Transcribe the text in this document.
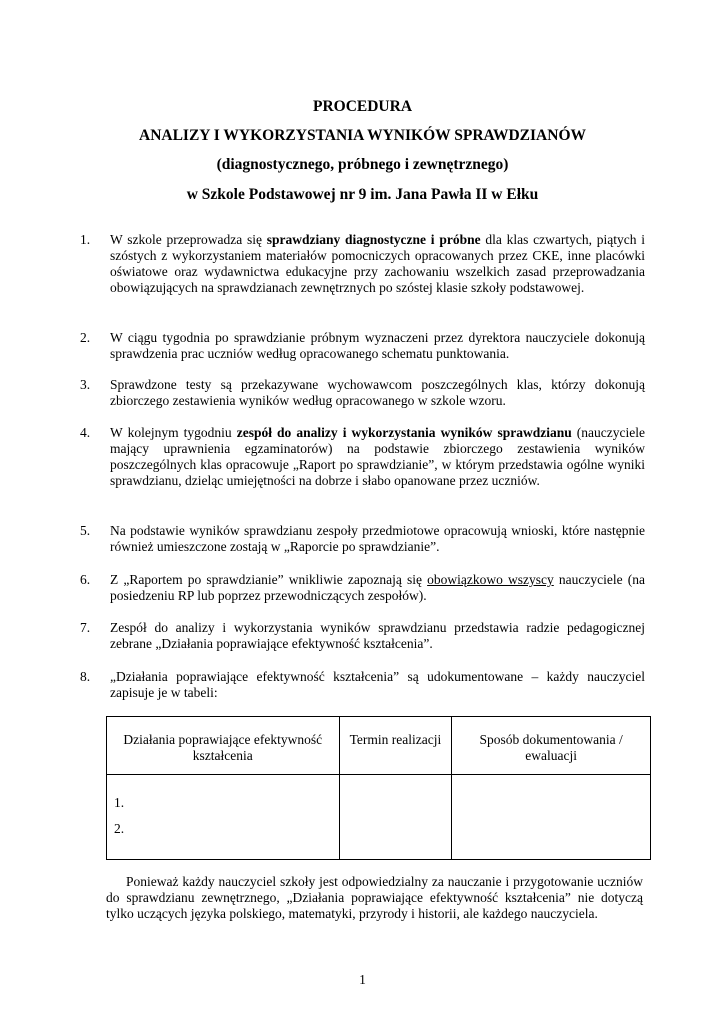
PROCEDURA
ANALIZY I WYKORZYSTANIA WYNIKÓW SPRAWDZIANÓW
(diagnostycznego, próbnego i zewnętrznego)
w Szkole Podstawowej nr 9 im. Jana Pawła II w Ełku
1. W szkole przeprowadza się sprawdziany diagnostyczne i próbne dla klas czwartych, piątych i szóstych z wykorzystaniem materiałów pomocniczych opracowanych przez CKE, inne placówki oświatowe oraz wydawnictwa edukacyjne przy zachowaniu wszelkich zasad przeprowadzania obowiązujących na sprawdzianach zewnętrznych po szóstej klasie szkoły podstawowej.

2. W ciągu tygodnia po sprawdzianie próbnym wyznaczeni przez dyrektora nauczyciele dokonują sprawdzenia prac uczniów według opracowanego schematu punktowania.

3. Sprawdzone testy są przekazywane wychowawcom poszczególnych klas, którzy dokonują zbiorczego zestawienia wyników według opracowanego w szkole wzoru.

4. W kolejnym tygodniu zespół do analizy i wykorzystania wyników sprawdzianu (nauczyciele mający uprawnienia egzaminatorów) na podstawie zbiorczego zestawienia wyników poszczególnych klas opracowuje „Raport po sprawdzianie”, w którym przedstawia ogólne wyniki sprawdzianu, dzieląc umiejętności na dobrze i słabo opanowane przez uczniów.

5. Na podstawie wyników sprawdzianu zespoły przedmiotowe opracowują wnioski, które następnie również umieszczone zostają w „Raporcie po sprawdzianie”.

6. Z „Raportem po sprawdzianie” wnikliwie zapoznają się obowiązkowo wszyscy nauczyciele (na posiedzeniu RP lub poprzez przewodniczących zespołów).

7. Zespół do analizy i wykorzystania wyników sprawdzianu przedstawia radzie pedagogicznej zebrane „Działania poprawiające efektywność kształcenia”.

8. „Działania poprawiające efektywność kształcenia” są udokumentowane – każdy nauczyciel zapisuje je w tabeli:

Działania poprawiające efektywność kształcenia	Termin realizacji	Sposób dokumentowania / ewaluacji

1.
2.		

Ponieważ każdy nauczyciel szkoły jest odpowiedzialny za nauczanie i przygotowanie uczniów do sprawdzianu zewnętrznego, „Działania poprawiające efektywność kształcenia” nie dotyczą tylko uczących języka polskiego, matematyki, przyrody i historii, ale każdego nauczyciela.

1
